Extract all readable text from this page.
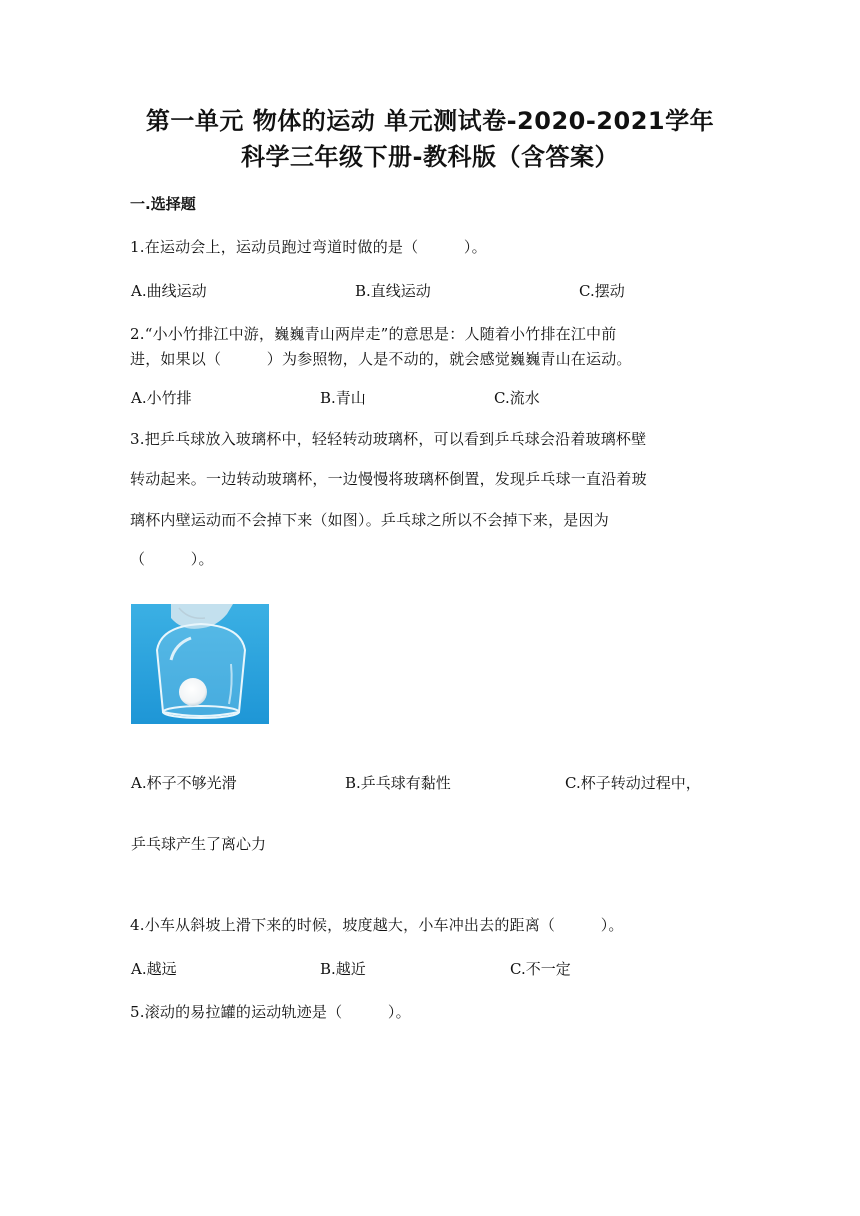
第一单元 物体的运动 单元测试卷-2020-2021学年
科学三年级下册-教科版（含答案）
一.选择题
1.在运动会上，运动员跑过弯道时做的是（　　　）。
A.曲线运动	B.直线运动	C.摆动
2.“小小竹排江中游，巍巍青山两岸走”的意思是：人随着小竹排在江中前
进，如果以（　　　）为参照物，人是不动的，就会感觉巍巍青山在运动。
A.小竹排	B.青山	C.流水
3.把乒乓球放入玻璃杯中，轻轻转动玻璃杯，可以看到乒乓球会沿着玻璃杯壁
转动起来。一边转动玻璃杯，一边慢慢将玻璃杯倒置，发现乒乓球一直沿着玻
璃杯内壁运动而不会掉下来（如图）。乒乓球之所以不会掉下来，是因为
（　　　）。
A.杯子不够光滑	B.乒乓球有黏性	C.杯子转动过程中，
乒乓球产生了离心力
4.小车从斜坡上滑下来的时候，坡度越大，小车冲出去的距离（　　　）。
A.越远	B.越近	C.不一定
5.滚动的易拉罐的运动轨迹是（　　　）。
